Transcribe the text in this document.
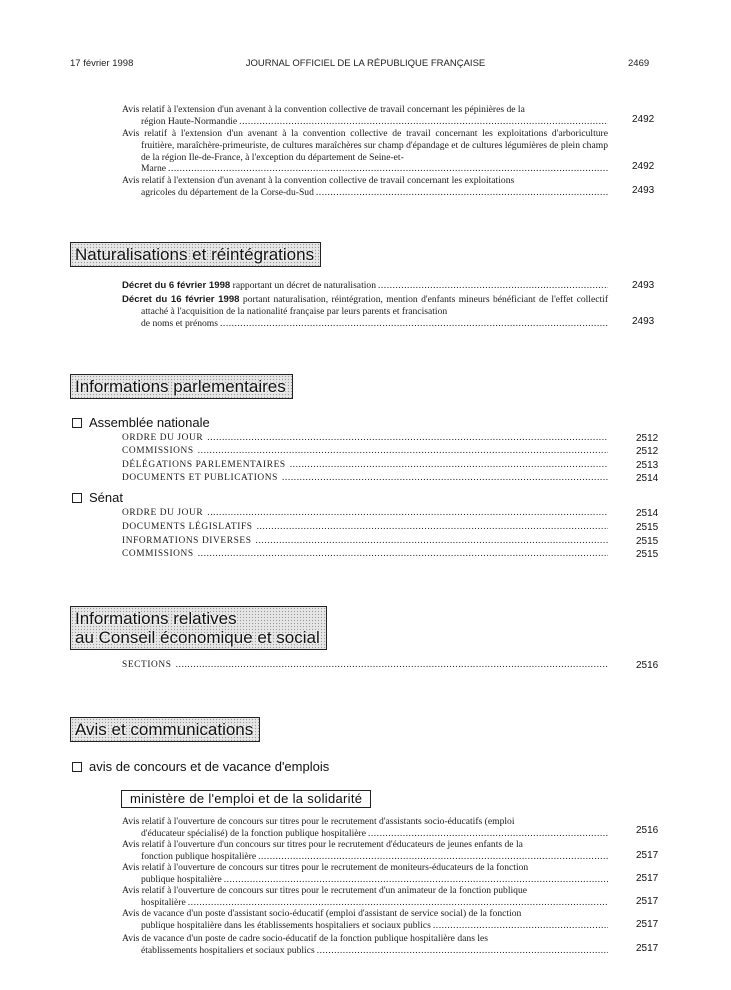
17 février 1998	JOURNAL OFFICIEL DE LA RÉPUBLIQUE FRANÇAISE	2469
Avis relatif à l'extension d'un avenant à la convention collective de travail concernant les pépinières de la
région Haute-Normandie .....	2492
Avis relatif à l'extension d'un avenant à la convention collective de travail concernant les exploitations d'arboriculture fruitière, maraîchère-primeuriste, de cultures maraîchères sur champ d'épandage et de cultures légumières de plein champ de la région Ile-de-France, à l'exception du département de Seine-et-
Marne .....	2492
Avis relatif à l'extension d'un avenant à la convention collective de travail concernant les exploitations
agricoles du département de la Corse-du-Sud .....	2493
Naturalisations et réintégrations
Décret du 6 février 1998 rapportant un décret de naturalisation .....	2493
Décret du 16 février 1998 portant naturalisation, réintégration, mention d'enfants mineurs bénéficiant de l'effet collectif attaché à l'acquisition de la nationalité française par leurs parents et francisation
de noms et prénoms .....	2493
Informations parlementaires
Assemblée nationale
ORDRE DU JOUR .....	2512
COMMISSIONS .....	2512
DÉLÉGATIONS PARLEMENTAIRES .....	2513
DOCUMENTS ET PUBLICATIONS .....	2514
Sénat
ORDRE DU JOUR .....	2514
DOCUMENTS LÉGISLATIFS .....	2515
INFORMATIONS DIVERSES .....	2515
COMMISSIONS .....	2515
Informations relatives
au Conseil économique et social
SECTIONS .....	2516
Avis et communications
avis de concours et de vacance d'emplois
ministère de l'emploi et de la solidarité
Avis relatif à l'ouverture de concours sur titres pour le recrutement d'assistants socio-éducatifs (emploi
d'éducateur spécialisé) de la fonction publique hospitalière .....	2516
Avis relatif à l'ouverture d'un concours sur titres pour le recrutement d'éducateurs de jeunes enfants de la
fonction publique hospitalière .....	2517
Avis relatif à l'ouverture de concours sur titres pour le recrutement de moniteurs-éducateurs de la fonction
publique hospitalière .....	2517
Avis relatif à l'ouverture de concours sur titres pour le recrutement d'un animateur de la fonction publique
hospitalière .....	2517
Avis de vacance d'un poste d'assistant socio-éducatif (emploi d'assistant de service social) de la fonction
publique hospitalière dans les établissements hospitaliers et sociaux publics .....	2517
Avis de vacance d'un poste de cadre socio-éducatif de la fonction publique hospitalière dans les
établissements hospitaliers et sociaux publics .....	2517
